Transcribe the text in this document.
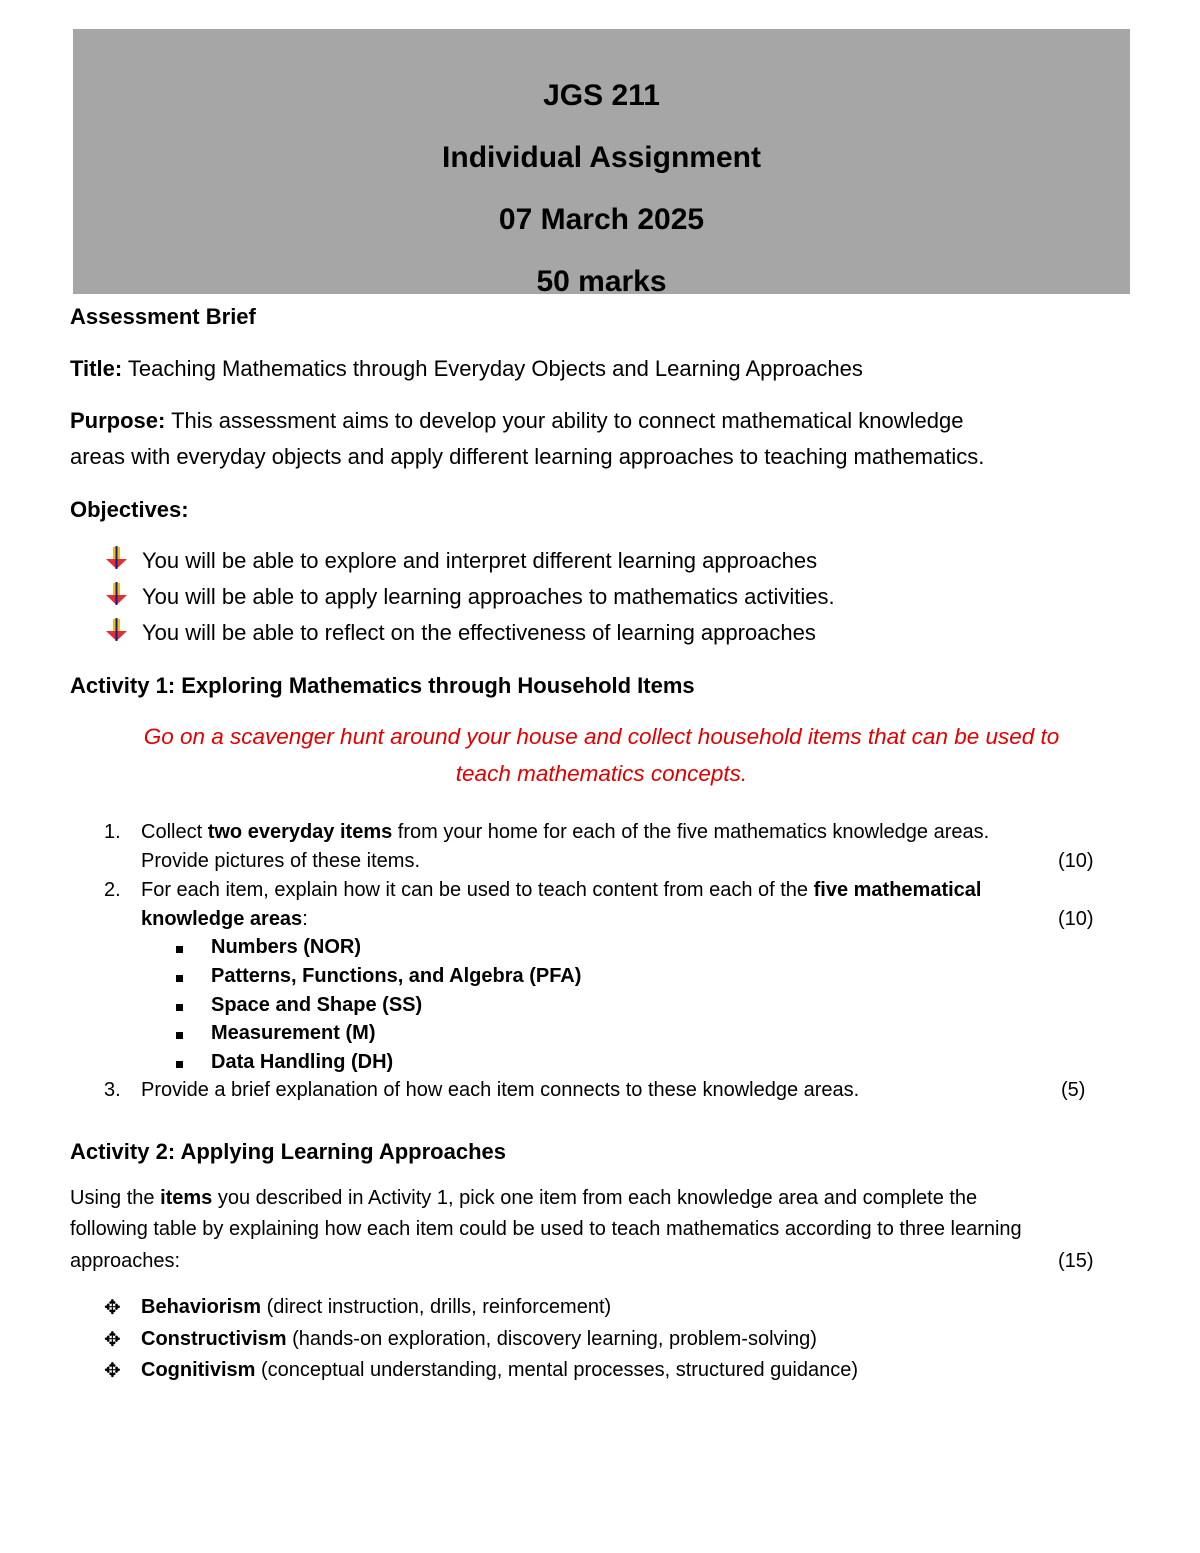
JGS 211
Individual Assignment
07 March 2025
50 marks
Assessment Brief
Title: Teaching Mathematics through Everyday Objects and Learning Approaches
Purpose: This assessment aims to develop your ability to connect mathematical knowledge
areas with everyday objects and apply different learning approaches to teaching mathematics.
Objectives:
You will be able to explore and interpret different learning approaches
You will be able to apply learning approaches to mathematics activities.
You will be able to reflect on the effectiveness of learning approaches
Activity 1: Exploring Mathematics through Household Items
Go on a scavenger hunt around your house and collect household items that can be used to
teach mathematics concepts.
1. Collect two everyday items from your home for each of the five mathematics knowledge areas.
Provide pictures of these items.	(10)
2. For each item, explain how it can be used to teach content from each of the five mathematical
knowledge areas:	(10)
Numbers (NOR)
Patterns, Functions, and Algebra (PFA)
Space and Shape (SS)
Measurement (M)
Data Handling (DH)
3. Provide a brief explanation of how each item connects to these knowledge areas.	(5)
Activity 2: Applying Learning Approaches
Using the items you described in Activity 1, pick one item from each knowledge area and complete the
following table by explaining how each item could be used to teach mathematics according to three learning
approaches:	(15)
✥ Behaviorism (direct instruction, drills, reinforcement)
✥ Constructivism (hands-on exploration, discovery learning, problem-solving)
✥ Cognitivism (conceptual understanding, mental processes, structured guidance)
